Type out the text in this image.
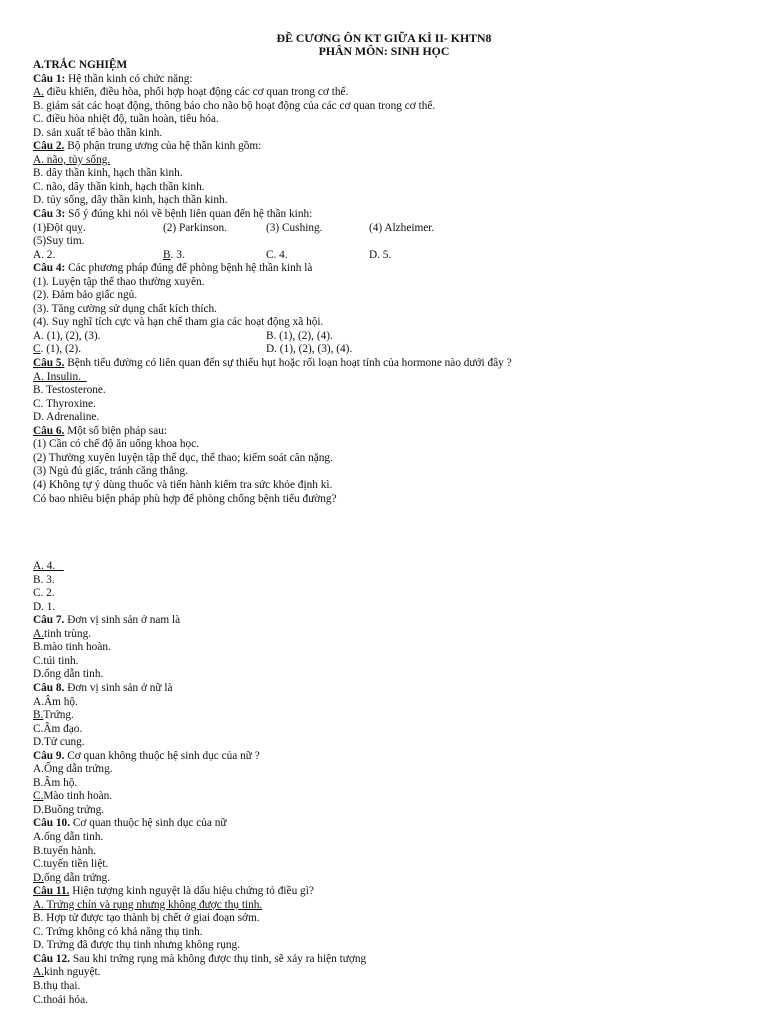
ĐỀ CƯƠNG ÔN KT GIỮA KÌ II- KHTN8
PHÂN MÔN: SINH HỌC
A.TRẮC NGHIỆM
Câu 1: Hệ thần kinh có chức năng:
A. điều khiển, điều hòa, phối hợp hoạt động các cơ quan trong cơ thể.
B. giám sát các hoạt động, thông báo cho não bộ hoạt động của các cơ quan trong cơ thể.
C. điều hòa nhiệt độ, tuần hoàn, tiêu hóa.
D. sản xuất tế bào thần kinh.
Câu 2. Bộ phận trung ương của hệ thần kinh gồm:
A. não, tủy sống.
B. dây thần kinh, hạch thần kinh.
C. não, dây thần kinh, hạch thần kinh.
D. tủy sống, dây thần kinh, hạch thần kinh.
Câu 3: Số ý đúng khi nói về bệnh liên quan đến hệ thần kinh:
(1)Đột quỵ.	(2) Parkinson.	(3) Cushing.	(4) Alzheimer.
(5)Suy tim.
A. 2.	B. 3.	C. 4.	D. 5.
Câu 4: Các phương pháp đúng để phòng bệnh hệ thần kinh là
(1). Luyện tập thể thao thường xuyên.
(2). Đảm bảo giấc ngủ.
(3). Tăng cường sử dụng chất kích thích.
(4). Suy nghĩ tích cực và hạn chế tham gia các hoạt động xã hội.
A. (1), (2), (3).	B. (1), (2), (4).
C. (1), (2).	D. (1), (2), (3), (4).
Câu 5. Bệnh tiểu đường có liên quan đến sự thiếu hụt hoặc rối loạn hoạt tính của hormone nào dưới đây ?
A. Insulin.
B. Testosterone.
C. Thyroxine.
D. Adrenaline.
Câu 6. Một số biện pháp sau:
(1) Cần có chế độ ăn uống khoa học.
(2) Thường xuyên luyện tập thể dục, thể thao; kiểm soát cân nặng.
(3) Ngủ đủ giấc, tránh căng thẳng.
(4) Không tự ý dùng thuốc và tiến hành kiểm tra sức khỏe định kì.
Có bao nhiêu biện pháp phù hợp để phòng chống bệnh tiểu đường?
A. 4.
B. 3.
C. 2.
D. 1.
Câu 7. Đơn vị sinh sản ở nam là
A.tinh trùng.
B.mào tinh hoàn.
C.túi tinh.
D.ống dẫn tinh.
Câu 8. Đơn vị sinh sản ở nữ là
A.Âm hộ.
B.Trứng.
C.Âm đạo.
D.Tử cung.
Câu 9. Cơ quan không thuộc hệ sinh dục của nữ ?
A.Ống dẫn trứng.
B.Âm hộ.
C.Mào tinh hoàn.
D.Buồng trứng.
Câu 10. Cơ quan thuộc hệ sinh dục của nữ
A.ống dẫn tinh.
B.tuyến hành.
C.tuyến tiền liệt.
D.ống dẫn trứng.
Câu 11. Hiện tượng kinh nguyệt là dấu hiệu chứng tỏ điều gì?
A. Trứng chín và rụng nhưng không được thụ tinh.
B. Hợp tử được tạo thành bị chết ở giai đoạn sớm.
C. Trứng không có khả năng thụ tinh.
D. Trứng đã được thụ tinh nhưng không rụng.
Câu 12. Sau khi trứng rụng mà không được thụ tinh, sẽ xảy ra hiện tượng
A.kinh nguyệt.
B.thụ thai.
C.thoái hóa.
